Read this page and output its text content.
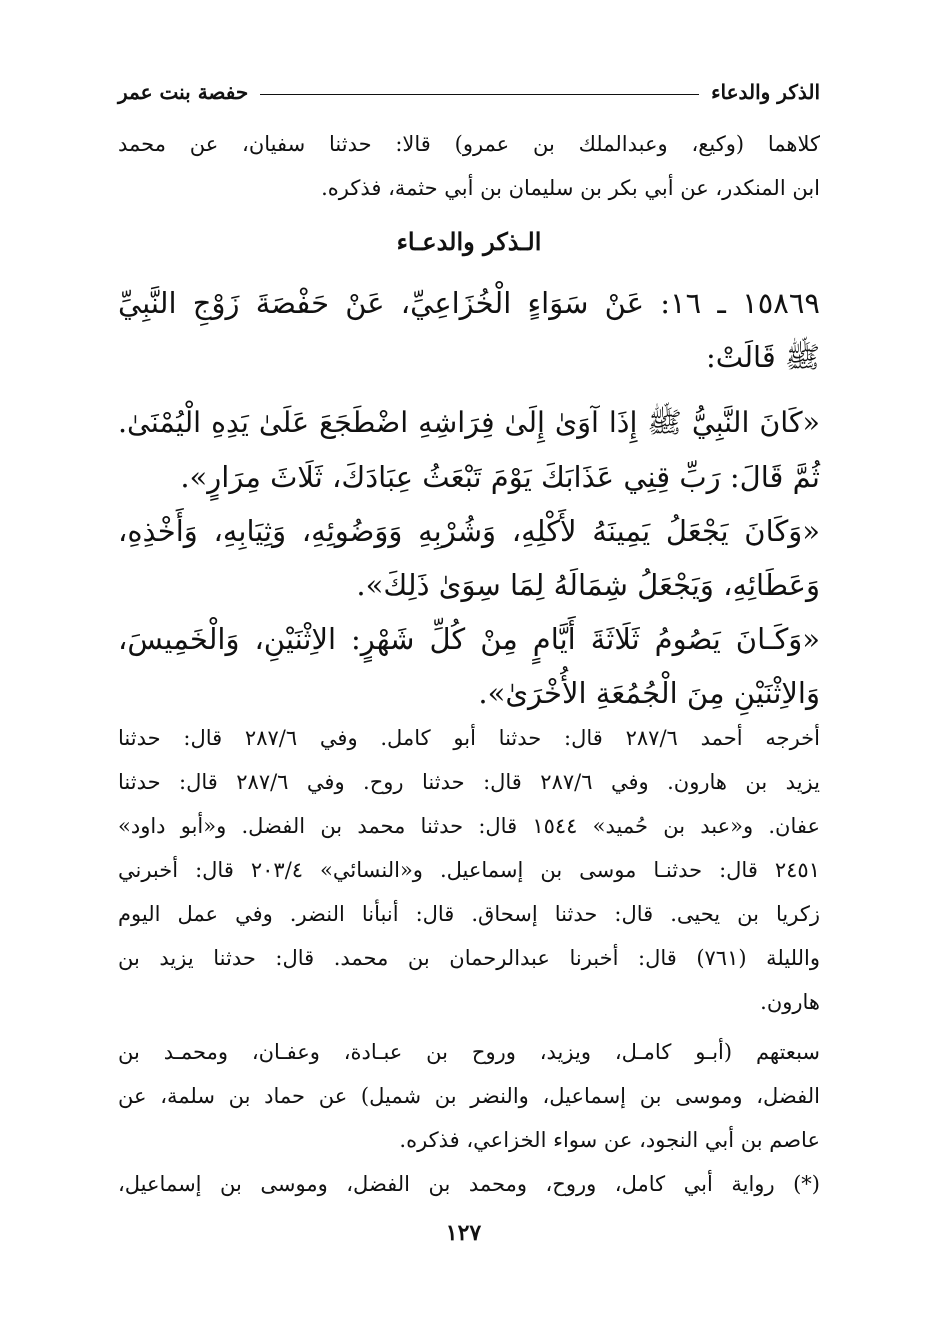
الذكر والدعاء
حفصة بنت عمر

كلاهما (وكيع، وعبدالملك بن عمرو) قالا: حدثنا سفيان، عن محمد

ابن المنكدر، عن أبي بكر بن سليمان بن أبي حثمة، فذكره.

الـذكر والدعـاء

١٥٨٦٩ ـ ١٦: عَنْ سَوَاءٍ الْخُزَاعِيِّ، عَنْ حَفْصَةَ زَوْجِ النَّبِيِّ

ﷺ قَالَتْ:

«كَانَ النَّبِيُّ ﷺ إِذَا آوَىٰ إِلَىٰ فِرَاشِهِ اضْطَجَعَ عَلَىٰ يَدِهِ الْيُمْنَىٰ.

ثُمَّ قَالَ: رَبِّ قِنِي عَذَابَكَ يَوْمَ تَبْعَثُ عِبَادَكَ، ثَلَاثَ مِرَارٍ».

«وَكَانَ يَجْعَلُ يَمِينَهُ لأَكْلِهِ، وَشُرْبِهِ وَوَضُوئِهِ، وَثِيَابِهِ، وَأَخْذِهِ،

وَعَطَائِهِ، وَيَجْعَلُ شِمَالَهُ لِمَا سِوَىٰ ذَلِكَ».

«وَكَـانَ يَصُومُ ثَلَاثَةَ أَيَّامٍ مِنْ كُلِّ شَهْرٍ: الاِثْنَيْنِ، وَالْخَمِيسَ،

وَالاِثْنَيْنِ مِنَ الْجُمُعَةِ الأُخْرَىٰ».

أخرجه أحمد ٢٨٧/٦ قال: حدثنا أبو كامل. وفي ٢٨٧/٦ قال: حدثنا

يزيد بن هارون. وفي ٢٨٧/٦ قال: حدثنا روح. وفي ٢٨٧/٦ قال: حدثنا

عفان. و«عبد بن حُميد» ١٥٤٤ قال: حدثنا محمد بن الفضل. و«أبو داود»

٢٤٥١ قال: حدثنـا موسى بن إسماعيل. و«النسائي» ٢٠٣/٤ قال: أخبرني

زكريا بن يحيى. قال: حدثنا إسحاق. قال: أنبأنا النضر. وفي عمل اليوم

والليلة (٧٦١) قال: أخبرنا عبدالرحمان بن محمد. قال: حدثنا يزيد بن

هارون.

سبعتهم (أبـو كامـل، ويزيد، وروح بن عبـادة، وعفـان، ومحمـد بن

الفضل، وموسى بن إسماعيل، والنضر بن شميل) عن حماد بن سلمة، عن

عاصم بن أبي النجود، عن سواء الخزاعي، فذكره.

(*) رواية أبي كامل، وروح، ومحمد بن الفضل، وموسى بن إسماعيل،

١٢٧
